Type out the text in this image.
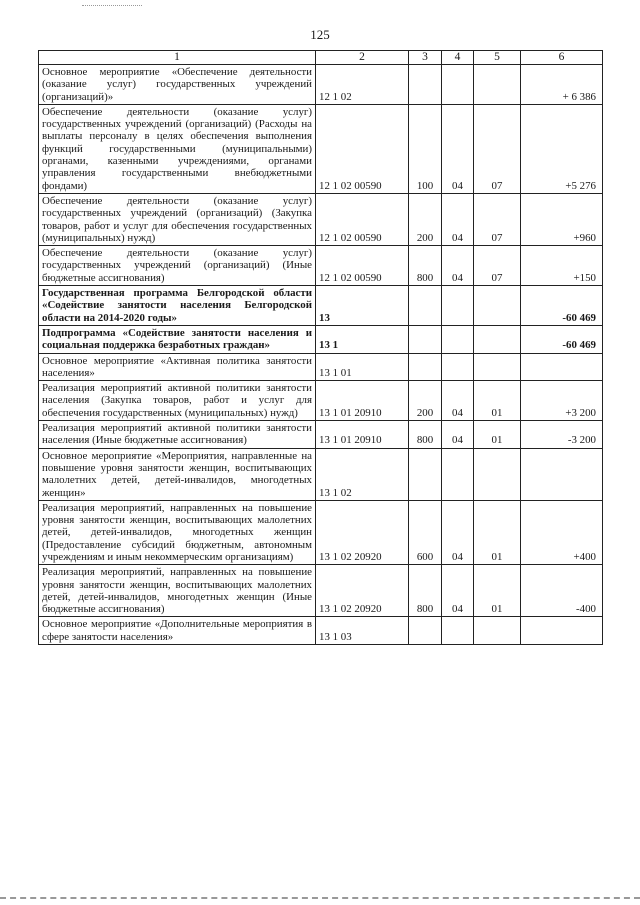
125
1	2	3	4	5	6
Основное мероприятие «Обеспечение деятельности (оказание услуг) государственных учреждений (организаций)»	12 1 02				+ 6 386
Обеспечение деятельности (оказание услуг) государственных учреждений (организаций) (Расходы на выплаты персоналу в целях обеспечения выполнения функций государственными (муниципальными) органами, казенными учреждениями, органами управления государственными внебюджетными фондами)	12 1 02 00590	100	04	07	+5 276
Обеспечение деятельности (оказание услуг) государственных учреждений (организаций) (Закупка товаров, работ и услуг для обеспечения государственных (муниципальных) нужд)	12 1 02 00590	200	04	07	+960
Обеспечение деятельности (оказание услуг) государственных учреждений (организаций) (Иные бюджетные ассигнования)	12 1 02 00590	800	04	07	+150
Государственная программа Белгородской области «Содействие занятости населения Белгородской области на 2014-2020 годы»	13				-60 469
Подпрограмма «Содействие занятости населения и социальная поддержка безработных граждан»	13 1				-60 469
Основное мероприятие «Активная политика занятости населения»	13 1 01				
Реализация мероприятий активной политики занятости населения (Закупка товаров, работ и услуг для обеспечения государственных (муниципальных) нужд)	13 1 01 20910	200	04	01	+3 200
Реализация мероприятий активной политики занятости населения (Иные бюджетные ассигнования)	13 1 01 20910	800	04	01	-3 200
Основное мероприятие «Мероприятия, направленные на повышение уровня занятости женщин, воспитывающих малолетних детей, детей-инвалидов, многодетных женщин»	13 1 02				
Реализация мероприятий, направленных на повышение уровня занятости женщин, воспитывающих малолетних детей, детей-инвалидов, многодетных женщин (Предоставление субсидий бюджетным, автономным учреждениям и иным некоммерческим организациям)	13 1 02 20920	600	04	01	+400
Реализация мероприятий, направленных на повышение уровня занятости женщин, воспитывающих малолетних детей, детей-инвалидов, многодетных женщин (Иные бюджетные ассигнования)	13 1 02 20920	800	04	01	-400
Основное мероприятие «Дополнительные мероприятия в сфере занятости населения»	13 1 03				
